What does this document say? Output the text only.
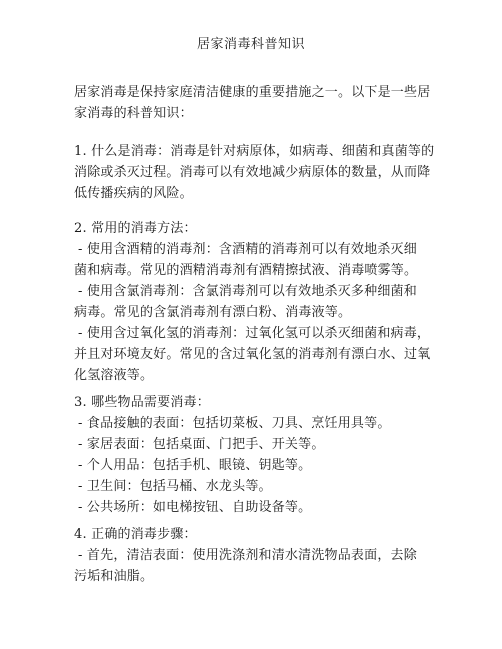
居家消毒科普知识
居家消毒是保持家庭清洁健康的重要措施之一。以下是一些居
家消毒的科普知识：
1. 什么是消毒：消毒是针对病原体，如病毒、细菌和真菌等的
消除或杀灭过程。消毒可以有效地减少病原体的数量，从而降
低传播疾病的风险。
2. 常用的消毒方法：
- 使用含酒精的消毒剂：含酒精的消毒剂可以有效地杀灭细
菌和病毒。常见的酒精消毒剂有酒精擦拭液、消毒喷雾等。
- 使用含氯消毒剂：含氯消毒剂可以有效地杀灭多种细菌和
病毒。常见的含氯消毒剂有漂白粉、消毒液等。
- 使用含过氧化氢的消毒剂：过氧化氢可以杀灭细菌和病毒，
并且对环境友好。常见的含过氧化氢的消毒剂有漂白水、过氧
化氢溶液等。
3. 哪些物品需要消毒：
- 食品接触的表面：包括切菜板、刀具、烹饪用具等。
- 家居表面：包括桌面、门把手、开关等。
- 个人用品：包括手机、眼镜、钥匙等。
- 卫生间：包括马桶、水龙头等。
- 公共场所：如电梯按钮、自助设备等。
4. 正确的消毒步骤：
- 首先，清洁表面：使用洗涤剂和清水清洗物品表面，去除
污垢和油脂。
